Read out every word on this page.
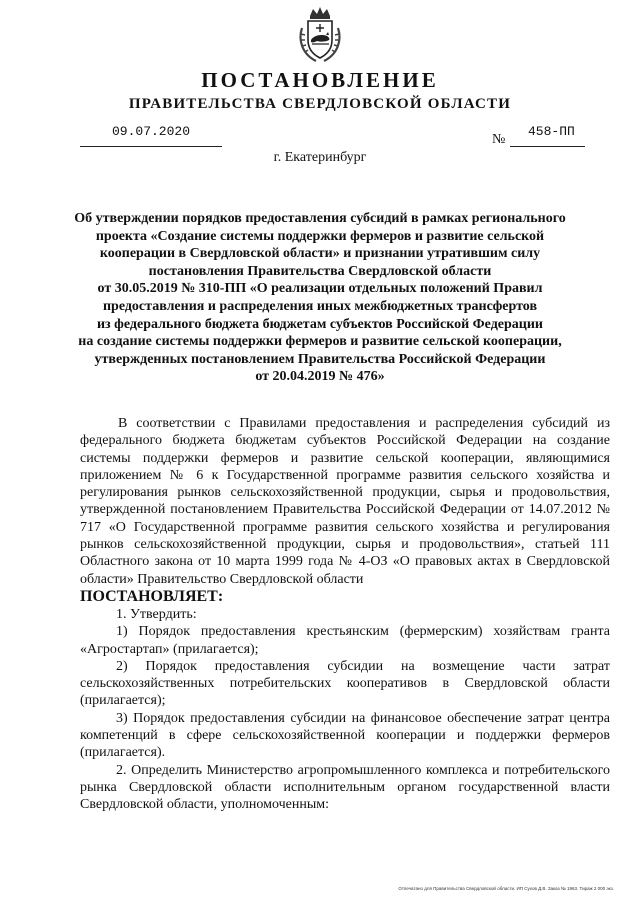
ПОСТАНОВЛЕНИЕ
ПРАВИТЕЛЬСТВА СВЕРДЛОВСКОЙ ОБЛАСТИ
09.07.2020
№
458-ПП
г. Екатеринбург
Об утверждении порядков предоставления субсидий в рамках регионального
проекта «Создание системы поддержки фермеров и развитие сельской
кооперации в Свердловской области» и признании утратившим силу
постановления Правительства Свердловской области
от 30.05.2019 № 310-ПП «О реализации отдельных положений Правил
предоставления и распределения иных межбюджетных трансфертов
из федерального бюджета бюджетам субъектов Российской Федерации
на создание системы поддержки фермеров и развитие сельской кооперации,
утвержденных постановлением Правительства Российской Федерации
от 20.04.2019 № 476»

В соответствии с Правилами предоставления и распределения субсидий из федерального бюджета бюджетам субъектов Российской Федерации на создание системы поддержки фермеров и развитие сельской кооперации, являющимися приложением № 6 к Государственной программе развития сельского хозяйства и регулирования рынков сельскохозяйственной продукции, сырья и продовольствия, утвержденной постановлением Правительства Российской Федерации от 14.07.2012 № 717 «О Государственной программе развития сельского хозяйства и регулирования рынков сельскохозяйственной продукции, сырья и продовольствия», статьей 111 Областного закона от 10 марта 1999 года № 4-ОЗ «О правовых актах в Свердловской области» Правительство Свердловской области

ПОСТАНОВЛЯЕТ:

1. Утвердить:

1) Порядок предоставления крестьянским (фермерским) хозяйствам гранта «Агростартап» (прилагается);

2) Порядок предоставления субсидии на возмещение части затрат сельскохозяйственных потребительских кооперативов в Свердловской области (прилагается);

3) Порядок предоставления субсидии на финансовое обеспечение затрат центра компетенций в сфере сельскохозяйственной кооперации и поддержки фермеров (прилагается).

2. Определить Министерство агропромышленного комплекса и потребительского рынка Свердловской области исполнительным органом государственной власти Свердловской области, уполномоченным:

Отпечатано для Правительства Свердловской области. ИП Сухов Д.В. Заказ № 1963. Тираж 2 000 экз.
